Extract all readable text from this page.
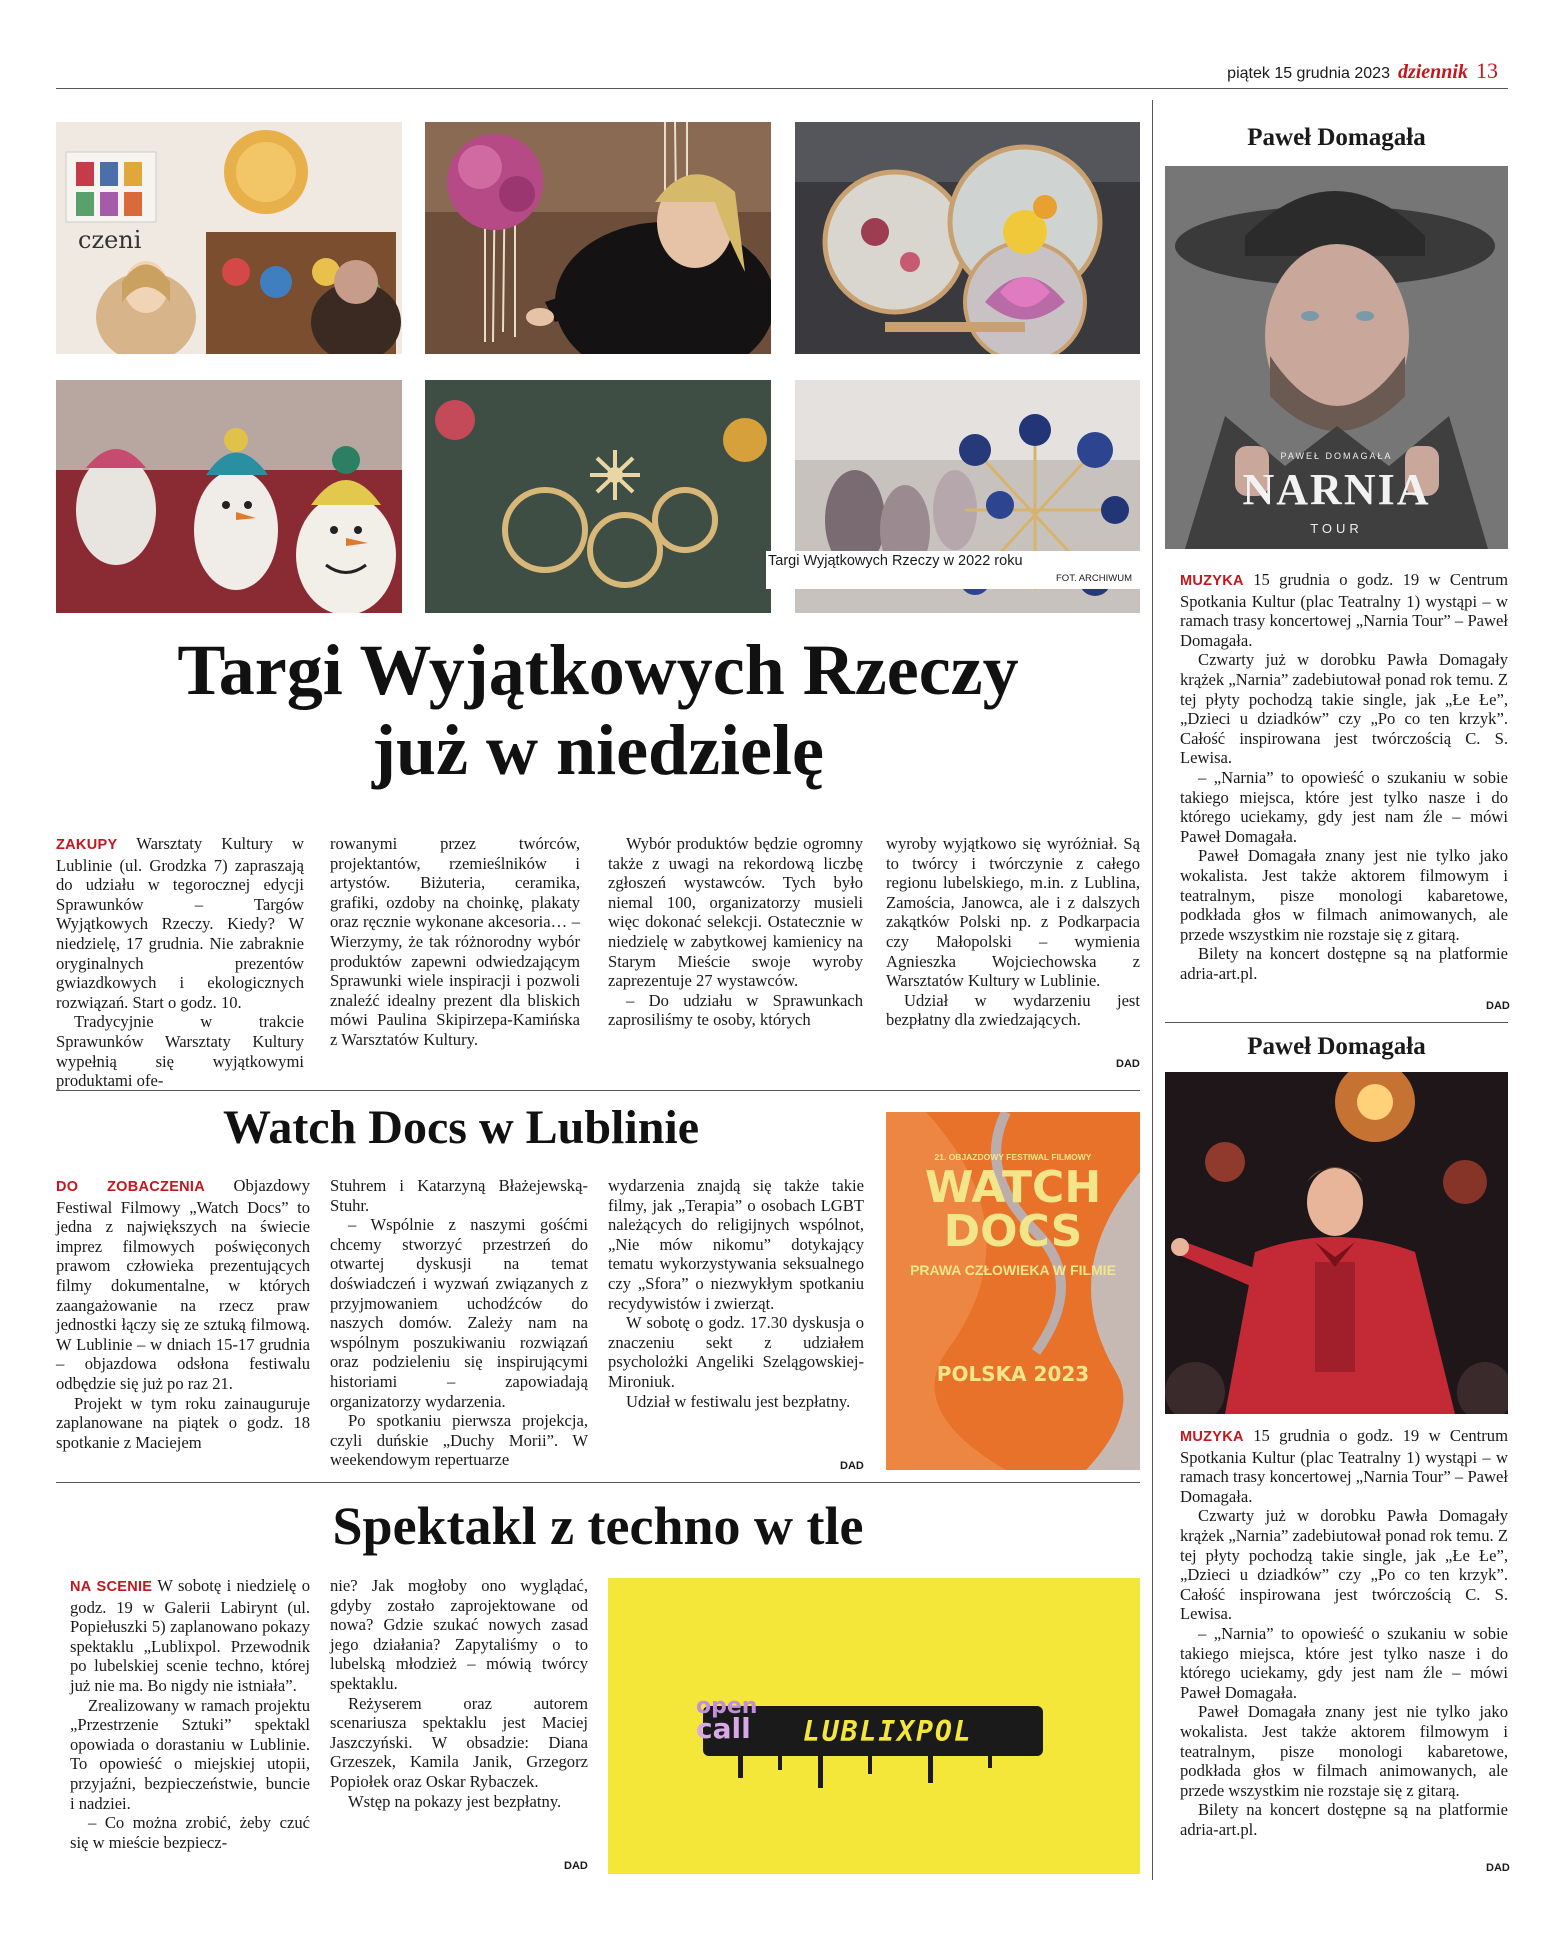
piątek 15 grudnia 2023 dziennik 13
czeni
Targi Wyjątkowych Rzeczy w 2022 roku
FOT. ARCHIWUM
Targi Wyjątkowych Rzeczy
już w niedzielę

ZAKUPY Warsztaty Kultury w Lublinie (ul. Grodzka 7) zapraszają do udziału w tegorocznej edycji Sprawunków – Targów Wyjątkowych Rzeczy. Kiedy? W niedzielę, 17 grudnia. Nie zabraknie oryginalnych prezentów gwiazdkowych i ekologicznych rozwiązań. Start o godz. 10.

Tradycyjnie w trakcie Sprawunków Warsztaty Kultury wypełnią się wyjątkowymi produktami ofe-

rowanymi przez twórców, projektantów, rzemieślników i artystów. Biżuteria, ceramika, grafiki, ozdoby na choinkę, plakaty oraz ręcznie wykonane akcesoria… – Wierzymy, że tak różnorodny wybór produktów zapewni odwiedzającym Sprawunki wiele inspiracji i pozwoli znaleźć idealny prezent dla bliskich mówi Paulina Skipirzepa-Kamińska z Warsztatów Kultury.

Wybór produktów będzie ogromny także z uwagi na rekordową liczbę zgłoszeń wystawców. Tych było niemal 100, organizatorzy musieli więc dokonać selekcji. Ostatecznie w niedzielę w zabytkowej kamienicy na Starym Mieście swoje wyroby zaprezentuje 27 wystawców.

– Do udziału w Sprawunkach zaprosiliśmy te osoby, których

wyroby wyjątkowo się wyróżniał. Są to twórcy i twórczynie z całego regionu lubelskiego, m.in. z Lublina, Zamościa, Janowca, ale i z dalszych zakątków Polski np. z Podkarpacia czy Małopolski – wymienia Agnieszka Wojciechowska z Warsztatów Kultury w Lublinie.

Udział w wydarzeniu jest bezpłatny dla zwiedzających.

DAD
Watch Docs w Lublinie

DO ZOBACZENIA Objazdowy Festiwal Filmowy „Watch Docs” to jedna z największych na świecie imprez filmowych poświęconych prawom człowieka prezentujących filmy dokumentalne, w których zaangażowanie na rzecz praw jednostki łączy się ze sztuką filmową. W Lublinie – w dniach 15-17 grudnia – objazdowa odsłona festiwalu odbędzie się już po raz 21.

Projekt w tym roku zainauguruje zaplanowane na piątek o godz. 18 spotkanie z Maciejem

Stuhrem i Katarzyną Błażejewską-Stuhr.

– Wspólnie z naszymi gośćmi chcemy stworzyć przestrzeń do otwartej dyskusji na temat doświadczeń i wyzwań związanych z przyjmowaniem uchodźców do naszych domów. Zależy nam na wspólnym poszukiwaniu rozwiązań oraz podzieleniu się inspirującymi historiami – zapowiadają organizatorzy wydarzenia.

Po spotkaniu pierwsza projekcja, czyli duńskie „Duchy Morii”. W weekendowym repertuarze

wydarzenia znajdą się także takie filmy, jak „Terapia” o osobach LGBT należących do religijnych wspólnot, „Nie mów nikomu” dotykający tematu wykorzystywania seksualnego czy „Sfora” o niezwykłym spotkaniu recydywistów i zwierząt.

W sobotę o godz. 17.30 dyskusja o znaczeniu sekt z udziałem psycholożki Angeliki Szelągowskiej-Mironiuk.

Udział w festiwalu jest bezpłatny.

DAD
21. OBJAZDOWY FESTIWAL FILMOWY
WATCH
DOCS
PRAWA CZŁOWIEKA W FILMIE
POLSKA 2023
Spektakl z techno w tle

NA SCENIE W sobotę i niedzielę o godz. 19 w Galerii Labirynt (ul. Popiełuszki 5) zaplanowano pokazy spektaklu „Lublixpol. Przewodnik po lubelskiej scenie techno, której już nie ma. Bo nigdy nie istniała”.

Zrealizowany w ramach projektu „Przestrzenie Sztuki” spektakl opowiada o dorastaniu w Lublinie. To opowieść o miejskiej utopii, przyjaźni, bezpieczeństwie, buncie i nadziei.

– Co można zrobić, żeby czuć się w mieście bezpiecz-

nie? Jak mogłoby ono wyglądać, gdyby zostało zaprojektowane od nowa? Gdzie szukać nowych zasad jego działania? Zapytaliśmy o to lubelską młodzież – mówią twórcy spektaklu.

Reżyserem oraz autorem scenariusza spektaklu jest Maciej Jaszczyński. W obsadzie: Diana Grzeszek, Kamila Janik, Grzegorz Popiołek oraz Oskar Rybaczek.

Wstęp na pokazy jest bezpłatny.

DAD
open
call LUBLIXPOL
Paweł Domagała
PAWEŁ DOMAGAŁA
NARNIA
TOUR

MUZYKA 15 grudnia o godz. 19 w Centrum Spotkania Kultur (plac Teatralny 1) wystąpi – w ramach trasy koncertowej „Narnia Tour” – Paweł Domagała.

Czwarty już w dorobku Pawła Domagały krążek „Narnia” zadebiutował ponad rok temu. Z tej płyty pochodzą takie single, jak „Łe Łe”, „Dzieci u dziadków” czy „Po co ten krzyk”. Całość inspirowana jest twórczością C. S. Lewisa.

– „Narnia” to opowieść o szukaniu w sobie takiego miejsca, które jest tylko nasze i do którego uciekamy, gdy jest nam źle – mówi Paweł Domagała.

Paweł Domagała znany jest nie tylko jako wokalista. Jest także aktorem filmowym i teatralnym, pisze monologi kabaretowe, podkłada głos w filmach animowanych, ale przede wszystkim nie rozstaje się z gitarą.

Bilety na koncert dostępne są na platformie adria-art.pl.

DAD
Paweł Domagała

MUZYKA 15 grudnia o godz. 19 w Centrum Spotkania Kultur (plac Teatralny 1) wystąpi – w ramach trasy koncertowej „Narnia Tour” – Paweł Domagała.

Czwarty już w dorobku Pawła Domagały krążek „Narnia” zadebiutował ponad rok temu. Z tej płyty pochodzą takie single, jak „Łe Łe”, „Dzieci u dziadków” czy „Po co ten krzyk”. Całość inspirowana jest twórczością C. S. Lewisa.

– „Narnia” to opowieść o szukaniu w sobie takiego miejsca, które jest tylko nasze i do którego uciekamy, gdy jest nam źle – mówi Paweł Domagała.

Paweł Domagała znany jest nie tylko jako wokalista. Jest także aktorem filmowym i teatralnym, pisze monologi kabaretowe, podkłada głos w filmach animowanych, ale przede wszystkim nie rozstaje się z gitarą.

Bilety na koncert dostępne są na platformie adria-art.pl.

DAD
